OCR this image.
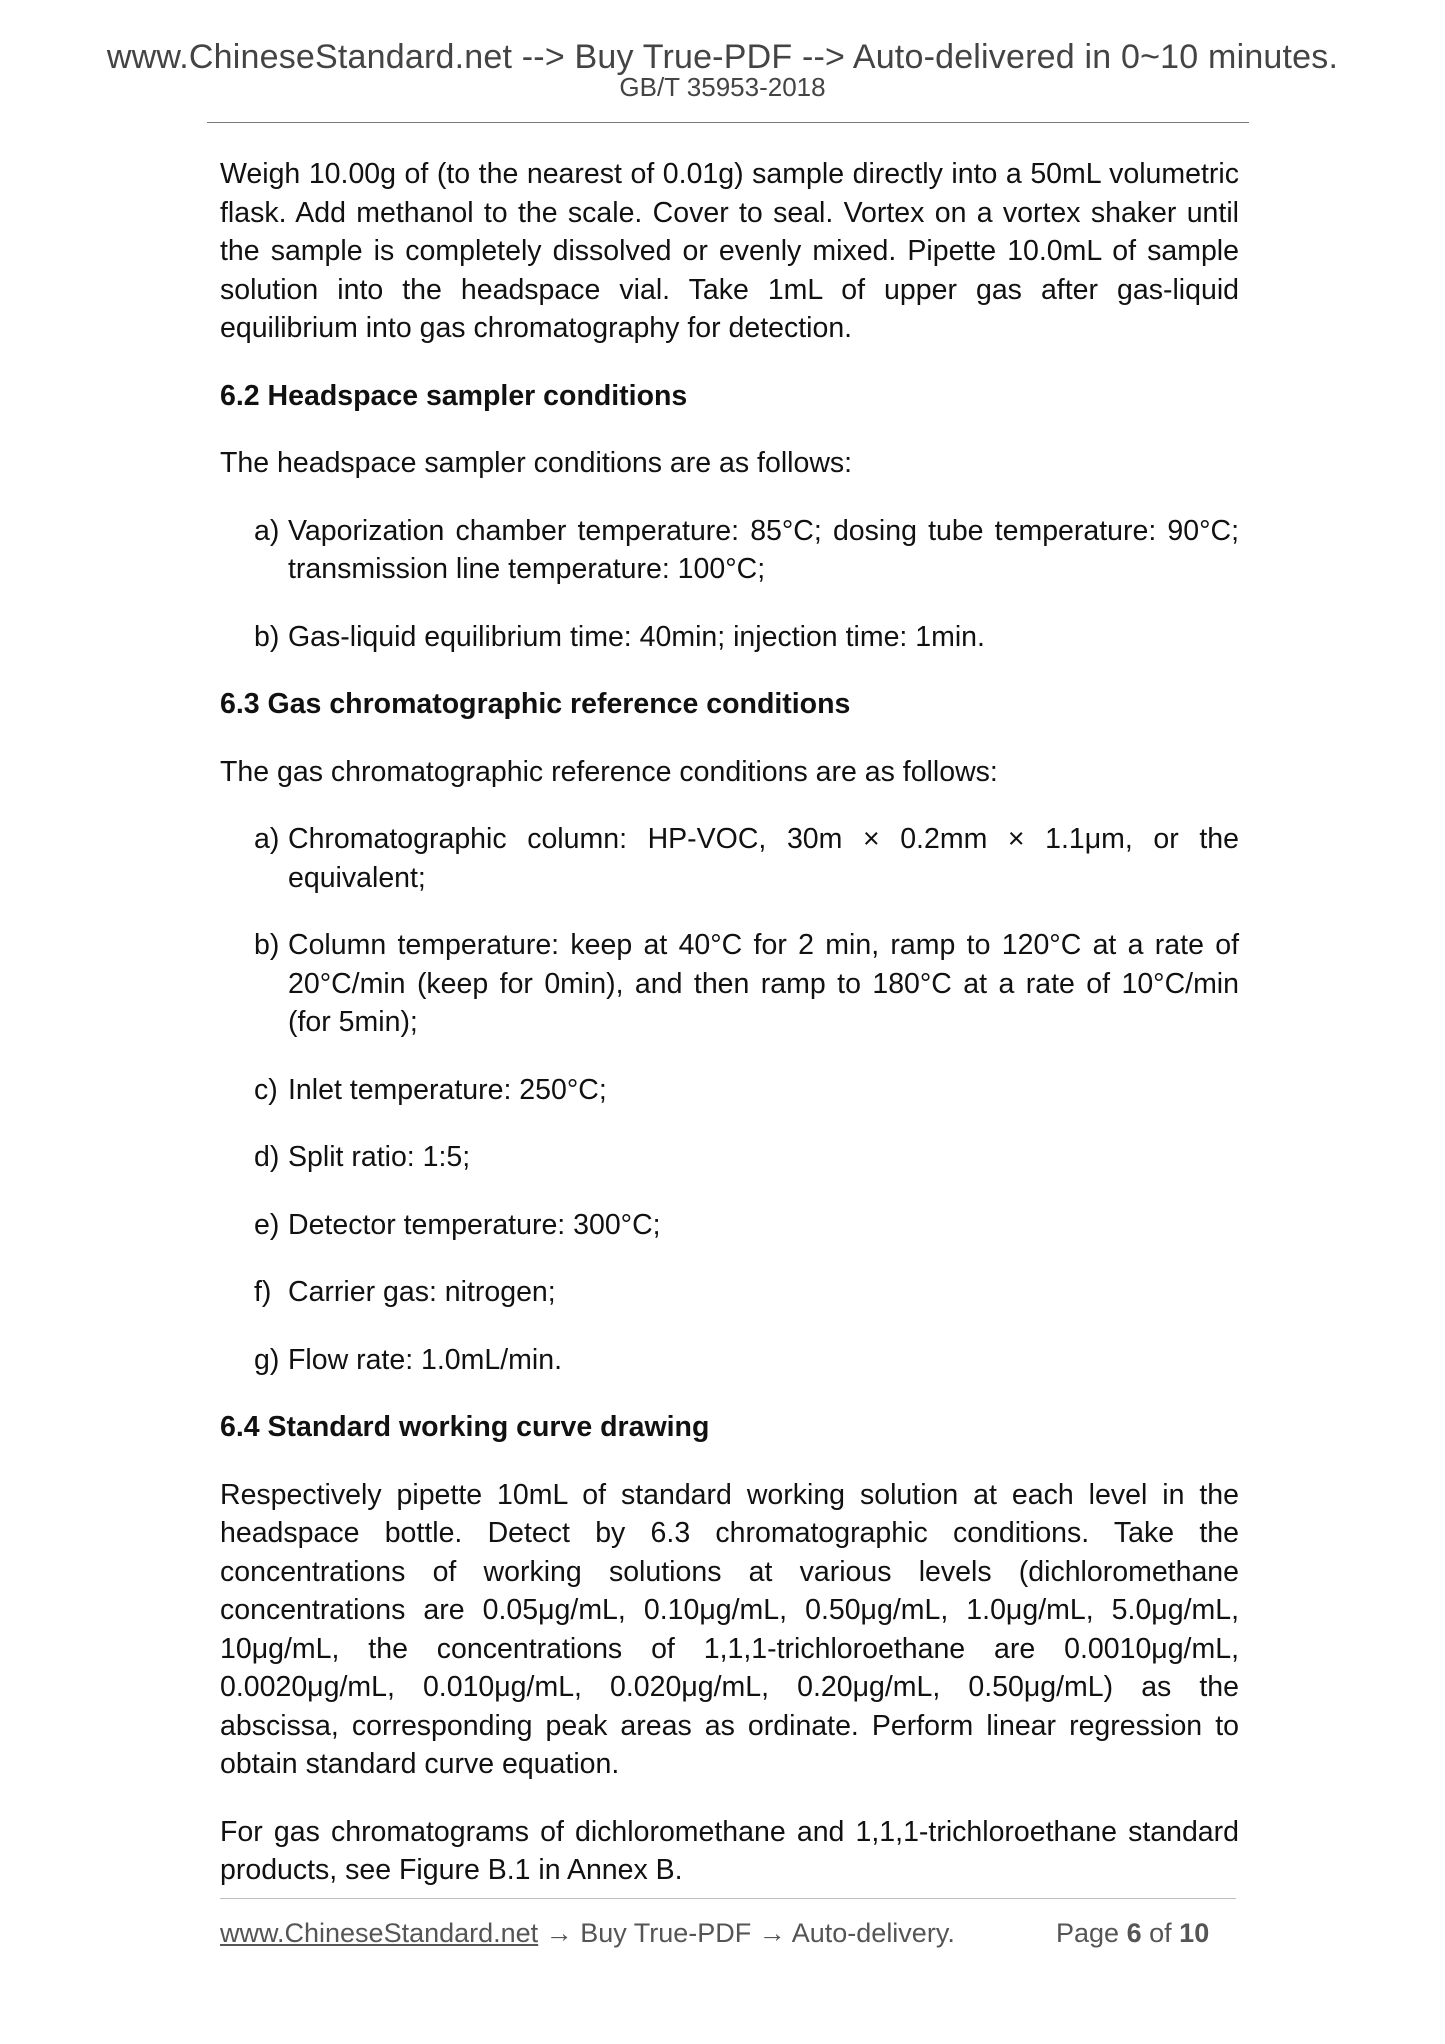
www.ChineseStandard.net --> Buy True-PDF --> Auto-delivered in 0~10 minutes.
GB/T 35953-2018

Weigh 10.00g of (to the nearest of 0.01g) sample directly into a 50mL volumetric flask. Add methanol to the scale. Cover to seal. Vortex on a vortex shaker until the sample is completely dissolved or evenly mixed. Pipette 10.0mL of sample solution into the headspace vial. Take 1mL of upper gas after gas-liquid equilibrium into gas chromatography for detection.

6.2 Headspace sampler conditions

The headspace sampler conditions are as follows:

a) Vaporization chamber temperature: 85°C; dosing tube temperature: 90°C; transmission line temperature: 100°C;
b) Gas-liquid equilibrium time: 40min; injection time: 1min.
6.3 Gas chromatographic reference conditions

The gas chromatographic reference conditions are as follows:

a) Chromatographic column: HP-VOC, 30m × 0.2mm × 1.1μm, or the equivalent;
b) Column temperature: keep at 40°C for 2 min, ramp to 120°C at a rate of 20°C/min (keep for 0min), and then ramp to 180°C at a rate of 10°C/min (for 5min);
c) Inlet temperature: 250°C;
d) Split ratio: 1:5;
e) Detector temperature: 300°C;
f) Carrier gas: nitrogen;
g) Flow rate: 1.0mL/min.
6.4 Standard working curve drawing

Respectively pipette 10mL of standard working solution at each level in the headspace bottle. Detect by 6.3 chromatographic conditions. Take the concentrations of working solutions at various levels (dichloromethane concentrations are 0.05μg/mL, 0.10μg/mL, 0.50μg/mL, 1.0μg/mL, 5.0μg/mL, 10μg/mL, the concentrations of 1,1,1-trichloroethane are 0.0010μg/mL, 0.0020μg/mL, 0.010μg/mL, 0.020μg/mL, 0.20μg/mL, 0.50μg/mL) as the abscissa, corresponding peak areas as ordinate. Perform linear regression to obtain standard curve equation.

For gas chromatograms of dichloromethane and 1,1,1-trichloroethane standard products, see Figure B.1 in Annex B.

www.ChineseStandard.net → Buy True-PDF → Auto-delivery.	Page 6 of 10
